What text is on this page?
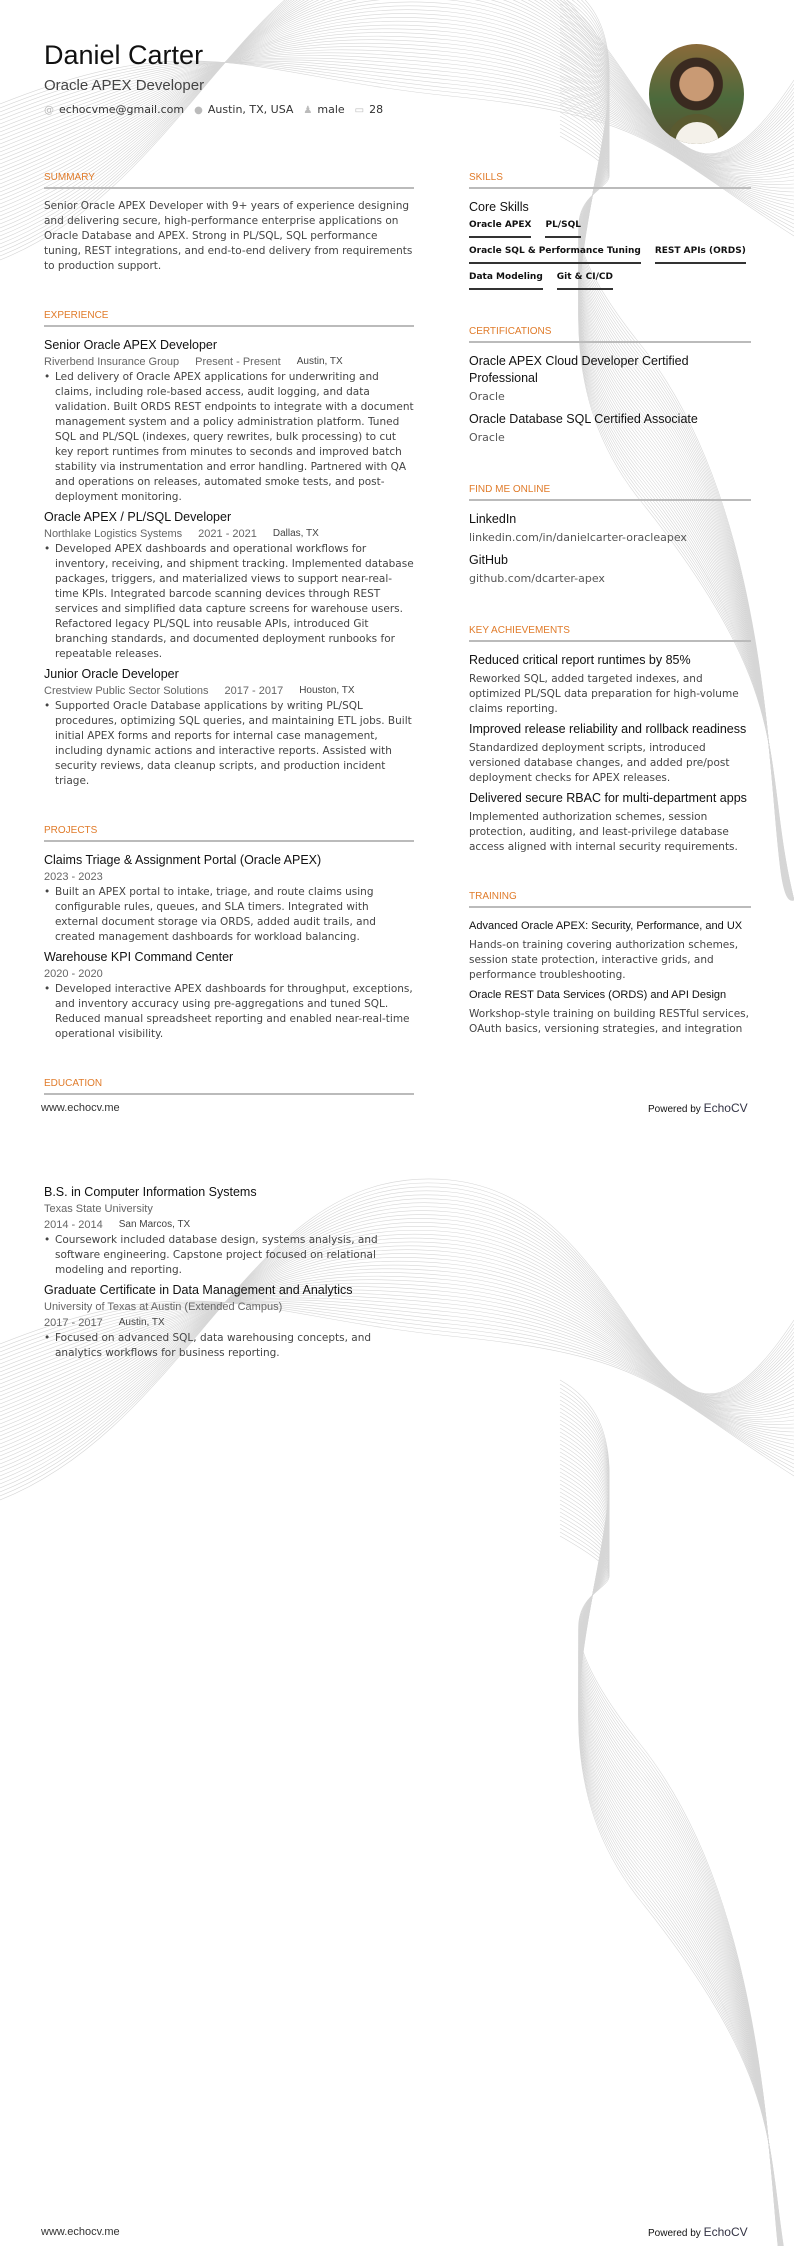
Daniel Carter
Oracle APEX Developer
@ echocvme@gmail.com ● Austin, TX, USA ♟ male ▭ 28
SUMMARY
Senior Oracle APEX Developer with 9+ years of experience designing and delivering secure, high-performance enterprise applications on Oracle Database and APEX. Strong in PL/SQL, SQL performance tuning, REST integrations, and end-to-end delivery from requirements to production support.
EXPERIENCE
Senior Oracle APEX Developer
Riverbend Insurance Group Present - Present Austin, TX
• Led delivery of Oracle APEX applications for underwriting and claims, including role-based access, audit logging, and data validation. Built ORDS REST endpoints to integrate with a document management system and a policy administration platform. Tuned SQL and PL/SQL (indexes, query rewrites, bulk processing) to cut key report runtimes from minutes to seconds and improved batch stability via instrumentation and error handling. Partnered with QA and operations on releases, automated smoke tests, and post-deployment monitoring.
Oracle APEX / PL/SQL Developer
Northlake Logistics Systems 2021 - 2021 Dallas, TX
• Developed APEX dashboards and operational workflows for inventory, receiving, and shipment tracking. Implemented database packages, triggers, and materialized views to support near-real-time KPIs. Integrated barcode scanning devices through REST services and simplified data capture screens for warehouse users. Refactored legacy PL/SQL into reusable APIs, introduced Git branching standards, and documented deployment runbooks for repeatable releases.
Junior Oracle Developer
Crestview Public Sector Solutions 2017 - 2017 Houston, TX
• Supported Oracle Database applications by writing PL/SQL procedures, optimizing SQL queries, and maintaining ETL jobs. Built initial APEX forms and reports for internal case management, including dynamic actions and interactive reports. Assisted with security reviews, data cleanup scripts, and production incident triage.
PROJECTS
Claims Triage & Assignment Portal (Oracle APEX)
2023 - 2023
• Built an APEX portal to intake, triage, and route claims using configurable rules, queues, and SLA timers. Integrated with external document storage via ORDS, added audit trails, and created management dashboards for workload balancing.
Warehouse KPI Command Center
2020 - 2020
• Developed interactive APEX dashboards for throughput, exceptions, and inventory accuracy using pre-aggregations and tuned SQL. Reduced manual spreadsheet reporting and enabled near-real-time operational visibility.
EDUCATION
SKILLS
Core Skills
Oracle APEX PL/SQL
Oracle SQL & Performance Tuning REST APIs (ORDS)
Data Modeling Git & CI/CD
CERTIFICATIONS
Oracle APEX Cloud Developer Certified Professional
Oracle
Oracle Database SQL Certified Associate
Oracle
FIND ME ONLINE
LinkedIn
linkedin.com/in/danielcarter-oracleapex
GitHub
github.com/dcarter-apex
KEY ACHIEVEMENTS
Reduced critical report runtimes by 85%
Reworked SQL, added targeted indexes, and optimized PL/SQL data preparation for high-volume claims reporting.
Improved release reliability and rollback readiness
Standardized deployment scripts, introduced versioned database changes, and added pre/post deployment checks for APEX releases.
Delivered secure RBAC for multi-department apps
Implemented authorization schemes, session protection, auditing, and least-privilege database access aligned with internal security requirements.
TRAINING
Advanced Oracle APEX: Security, Performance, and UX
Hands-on training covering authorization schemes, session state protection, interactive grids, and performance troubleshooting.
Oracle REST Data Services (ORDS) and API Design
Workshop-style training on building RESTful services, OAuth basics, versioning strategies, and integration
www.echocv.me	Powered by EchoCV
B.S. in Computer Information Systems
Texas State University
2014 - 2014 San Marcos, TX
• Coursework included database design, systems analysis, and software engineering. Capstone project focused on relational modeling and reporting.
Graduate Certificate in Data Management and Analytics
University of Texas at Austin (Extended Campus)
2017 - 2017 Austin, TX
• Focused on advanced SQL, data warehousing concepts, and analytics workflows for business reporting.
www.echocv.me	Powered by EchoCV
